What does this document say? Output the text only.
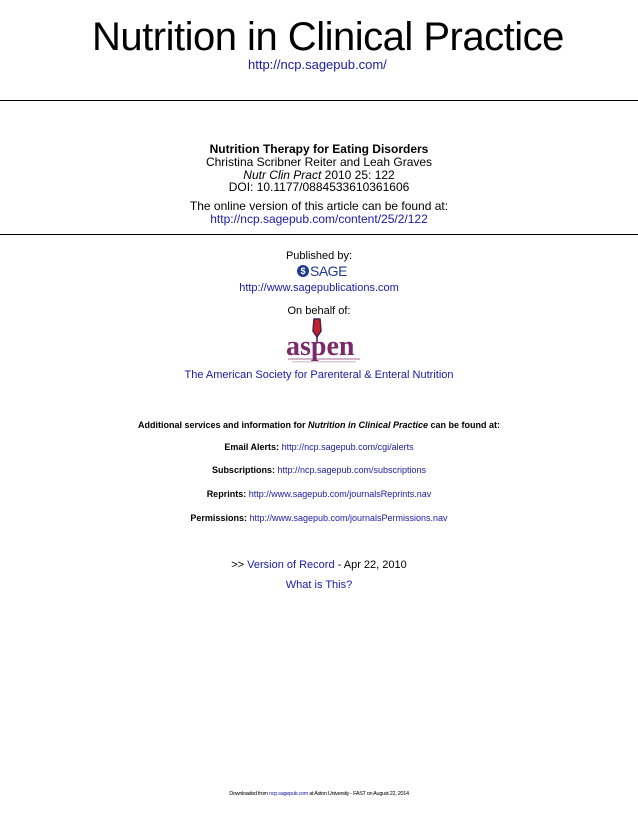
Nutrition in Clinical Practice
http://ncp.sagepub.com/
Nutrition Therapy for Eating Disorders
Christina Scribner Reiter and Leah Graves
Nutr Clin Pract 2010 25: 122
DOI: 10.1177/0884533610361606
The online version of this article can be found at:
http://ncp.sagepub.com/content/25/2/122
Published by:
$ SAGE
http://www.sagepublications.com
On behalf of:
aspen
The American Society for Parenteral & Enteral Nutrition
Additional services and information for Nutrition in Clinical Practice can be found at:
Email Alerts: http://ncp.sagepub.com/cgi/alerts
Subscriptions: http://ncp.sagepub.com/subscriptions
Reprints: http://www.sagepub.com/journalsReprints.nav
Permissions: http://www.sagepub.com/journalsPermissions.nav
>> Version of Record - Apr 22, 2010
What is This?
Downloaded from ncp.sagepub.com at Aston University - FAST on August 22, 2014
